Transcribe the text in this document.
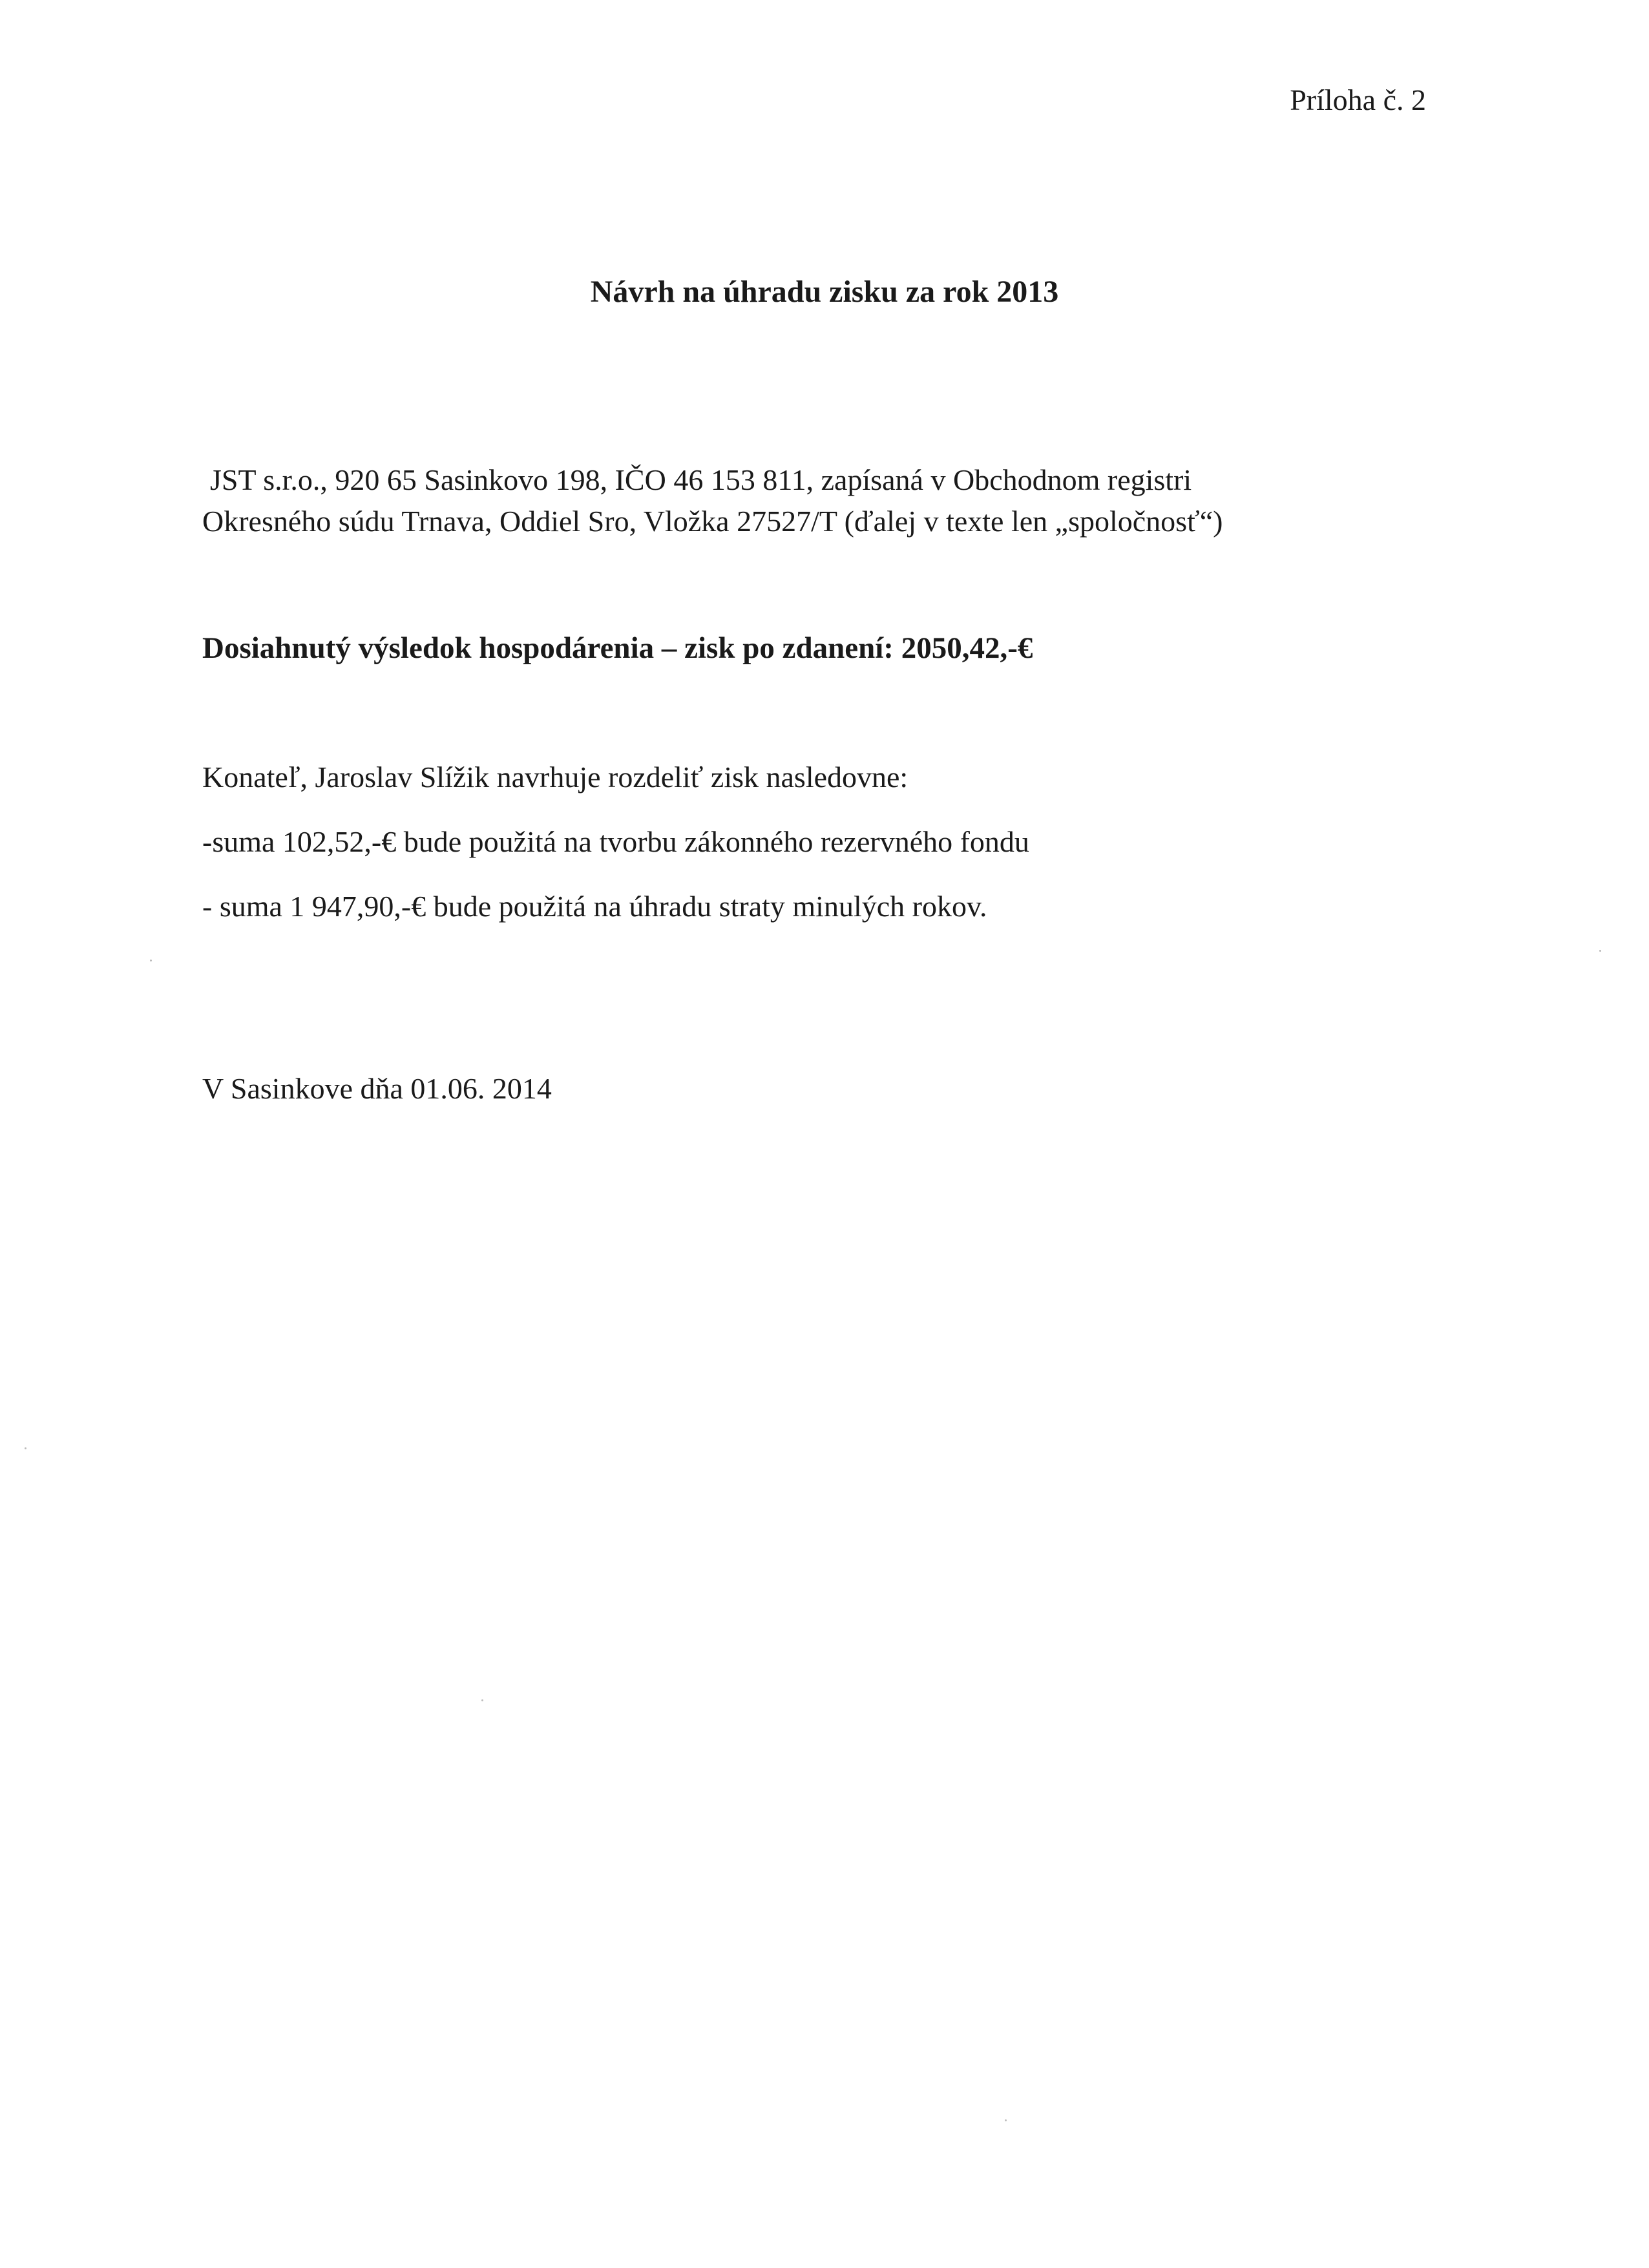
Príloha č. 2
Návrh na úhradu zisku za rok 2013
JST s.r.o., 920 65 Sasinkovo 198, IČO 46 153 811, zapísaná v Obchodnom registri
Okresného súdu Trnava, Oddiel Sro, Vložka 27527/T (ďalej v texte len „spoločnosť“)
Dosiahnutý výsledok hospodárenia – zisk po zdanení: 2050,42,-€
Konateľ, Jaroslav Slížik navrhuje rozdeliť zisk nasledovne:
-suma 102,52,-€ bude použitá na tvorbu zákonného rezervného fondu
- suma 1 947,90,-€ bude použitá na úhradu straty minulých rokov.
V Sasinkove dňa 01.06. 2014
